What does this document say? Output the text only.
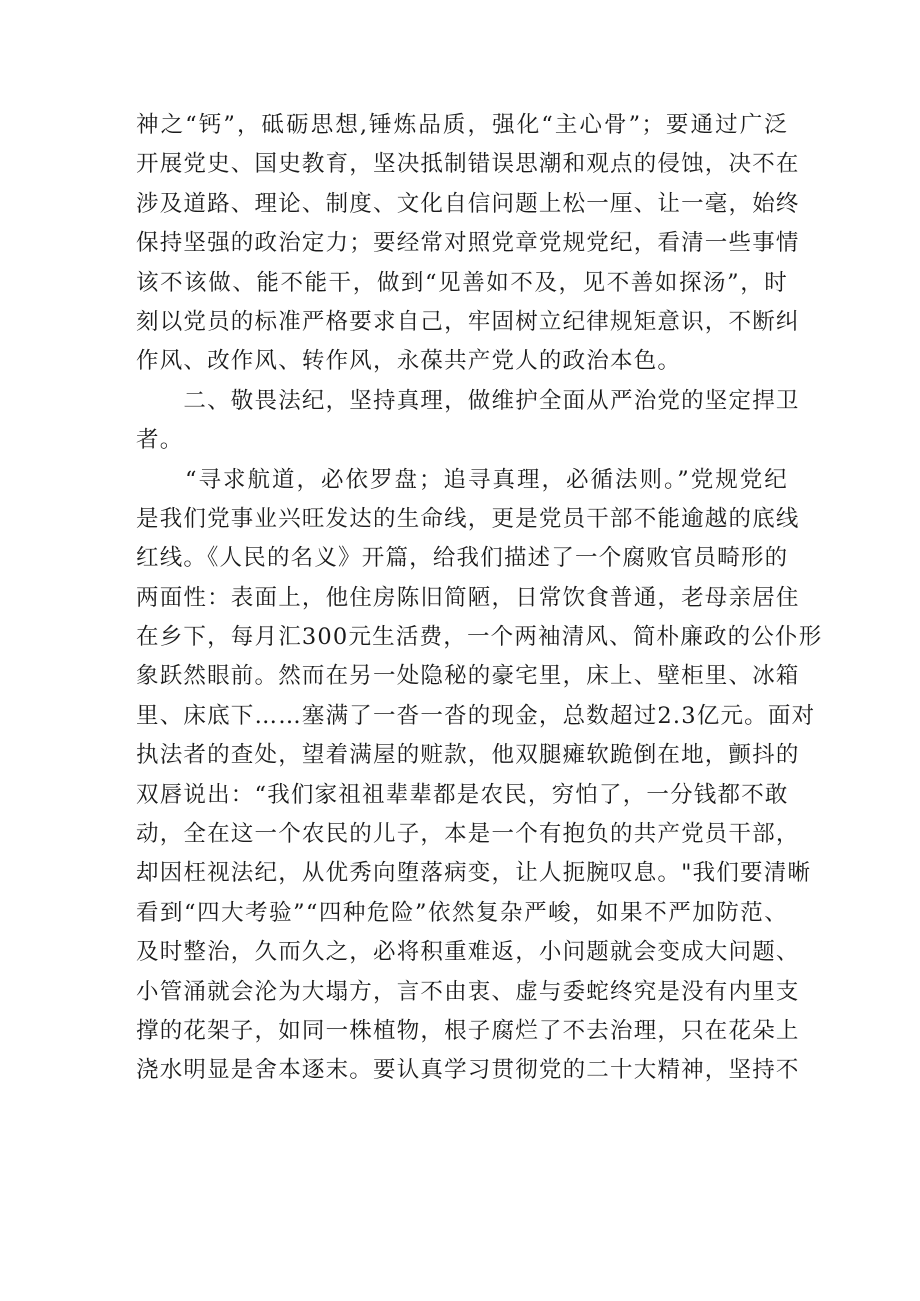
神之“钙”，砥砺思想,锤炼品质，强化“主心骨”；要通过广泛
开展党史、国史教育，坚决抵制错误思潮和观点的侵蚀，决不在
涉及道路、理论、制度、文化自信问题上松一厘、让一毫，始终
保持坚强的政治定力；要经常对照党章党规党纪，看清一些事情
该不该做、能不能干，做到“见善如不及，见不善如探汤”，时
刻以党员的标准严格要求自己，牢固树立纪律规矩意识，不断纠
作风、改作风、转作风，永葆共产党人的政治本色。
　　二、敬畏法纪，坚持真理，做维护全面从严治党的坚定捍卫
者。
　　“寻求航道，必依罗盘；追寻真理，必循法则。”党规党纪
是我们党事业兴旺发达的生命线，更是党员干部不能逾越的底线
红线。《人民的名义》开篇，给我们描述了一个腐败官员畸形的
两面性：表面上，他住房陈旧简陋，日常饮食普通，老母亲居住
在乡下，每月汇300元生活费，一个两袖清风、简朴廉政的公仆形
象跃然眼前。然而在另一处隐秘的豪宅里，床上、壁柜里、冰箱
里、床底下……塞满了一沓一沓的现金，总数超过2.3亿元。面对
执法者的查处，望着满屋的赃款，他双腿瘫软跪倒在地，颤抖的
双唇说出：“我们家祖祖辈辈都是农民，穷怕了，一分钱都不敢
动，全在这一个农民的儿子，本是一个有抱负的共产党员干部，
却因枉视法纪，从优秀向堕落病变，让人扼腕叹息。"我们要清晰
看到“四大考验”“四种危险”依然复杂严峻，如果不严加防范、
及时整治，久而久之，必将积重难返，小问题就会变成大问题、
小管涌就会沦为大塌方，言不由衷、虚与委蛇终究是没有内里支
撑的花架子，如同一株植物，根子腐烂了不去治理，只在花朵上
浇水明显是舍本逐末。要认真学习贯彻党的二十大精神，坚持不
